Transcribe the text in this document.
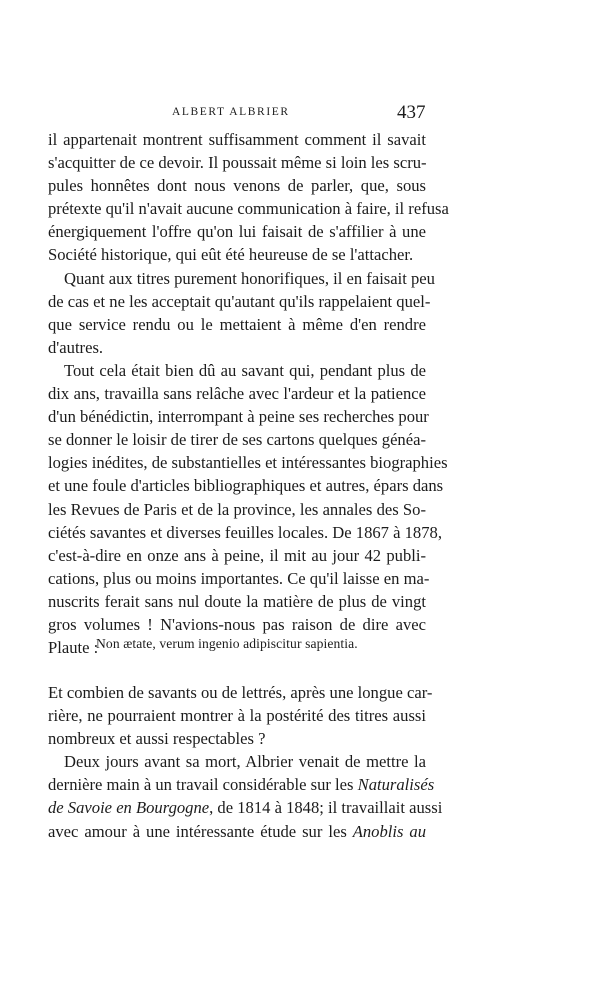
ALBERT ALBRIER	437
il appartenait montrent suffisamment comment il savait
s'acquitter de ce devoir. Il poussait même si loin les scru-
pules honnêtes dont nous venons de parler, que, sous
prétexte qu'il n'avait aucune communication à faire, il refusa
énergiquement l'offre qu'on lui faisait de s'affilier à une
Société historique, qui eût été heureuse de se l'attacher.
Quant aux titres purement honorifiques, il en faisait peu
de cas et ne les acceptait qu'autant qu'ils rappelaient quel-
que service rendu ou le mettaient à même d'en rendre
d'autres.
Tout cela était bien dû au savant qui, pendant plus de
dix ans, travailla sans relâche avec l'ardeur et la patience
d'un bénédictin, interrompant à peine ses recherches pour
se donner le loisir de tirer de ses cartons quelques généa-
logies inédites, de substantielles et intéressantes biographies
et une foule d'articles bibliographiques et autres, épars dans
les Revues de Paris et de la province, les annales des So-
ciétés savantes et diverses feuilles locales. De 1867 à 1878,
c'est-à-dire en onze ans à peine, il mit au jour 42 publi-
cations, plus ou moins importantes. Ce qu'il laisse en ma-
nuscrits ferait sans nul doute la matière de plus de vingt
gros volumes ! N'avions-nous pas raison de dire avec
Plaute :
Non ætate, verum ingenio adipiscitur sapientia.
Et combien de savants ou de lettrés, après une longue car-
rière, ne pourraient montrer à la postérité des titres aussi
nombreux et aussi respectables ?
Deux jours avant sa mort, Albrier venait de mettre la
dernière main à un travail considérable sur les Naturalisés
de Savoie en Bourgogne, de 1814 à 1848; il travaillait aussi
avec amour à une intéressante étude sur les Anoblis au
